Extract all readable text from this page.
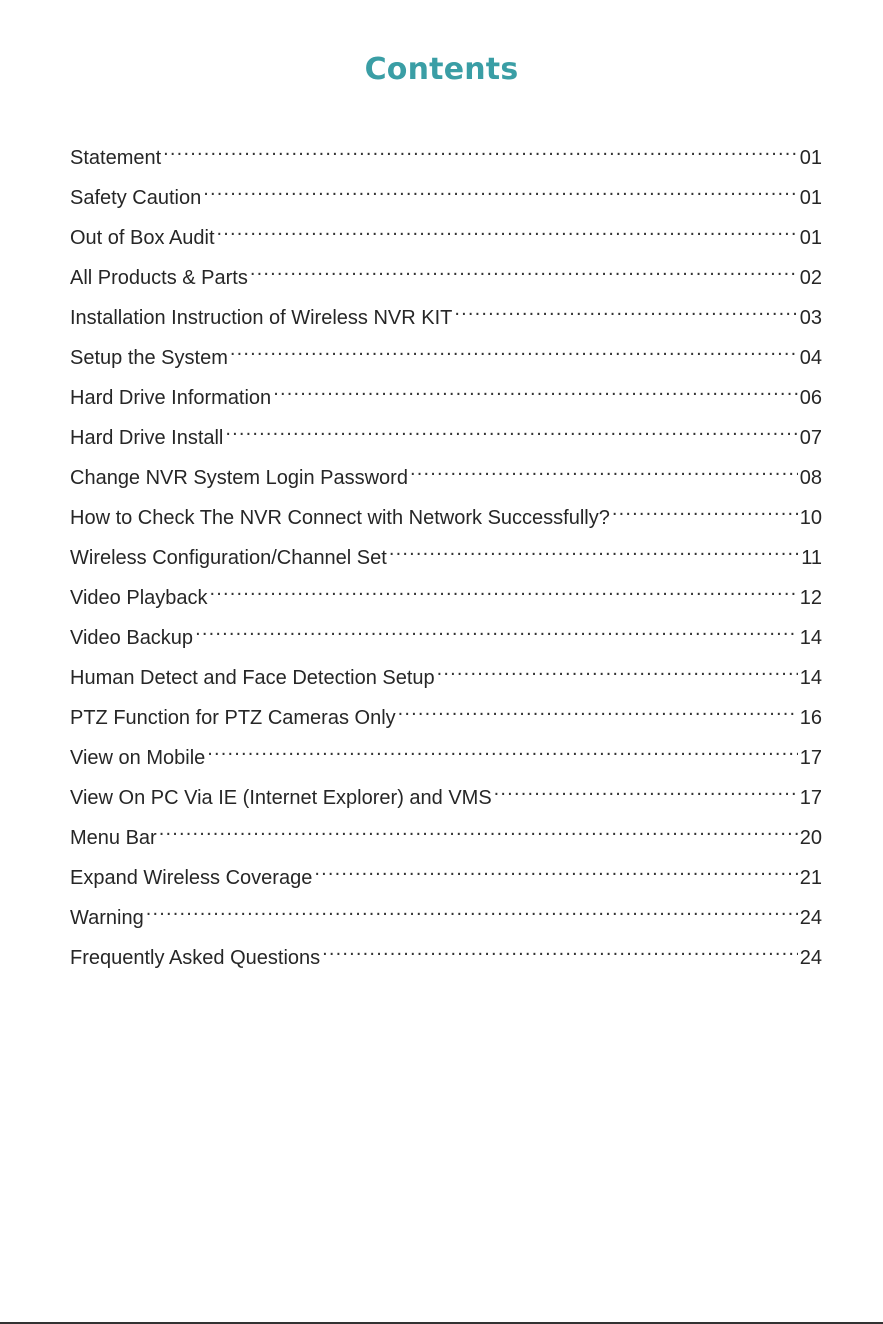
Contents
Statement .....	01
Safety Caution .....	01
Out of Box Audit .....	01
All Products & Parts .....	02
Installation Instruction of Wireless NVR KIT .....	03
Setup the System .....	04
Hard Drive Information .....	06
Hard Drive Install .....	07
Change NVR System Login Password .....	08
How to Check The NVR Connect with Network Successfully? .....	10
Wireless Configuration/Channel Set .....	11
Video Playback .....	12
Video Backup .....	14
Human Detect and Face Detection Setup .....	14
PTZ Function for PTZ Cameras Only .....	16
View on Mobile .....	17
View On PC Via IE (Internet Explorer) and VMS .....	17
Menu Bar .....	20
Expand Wireless Coverage .....	21
Warning .....	24
Frequently Asked Questions .....	24
